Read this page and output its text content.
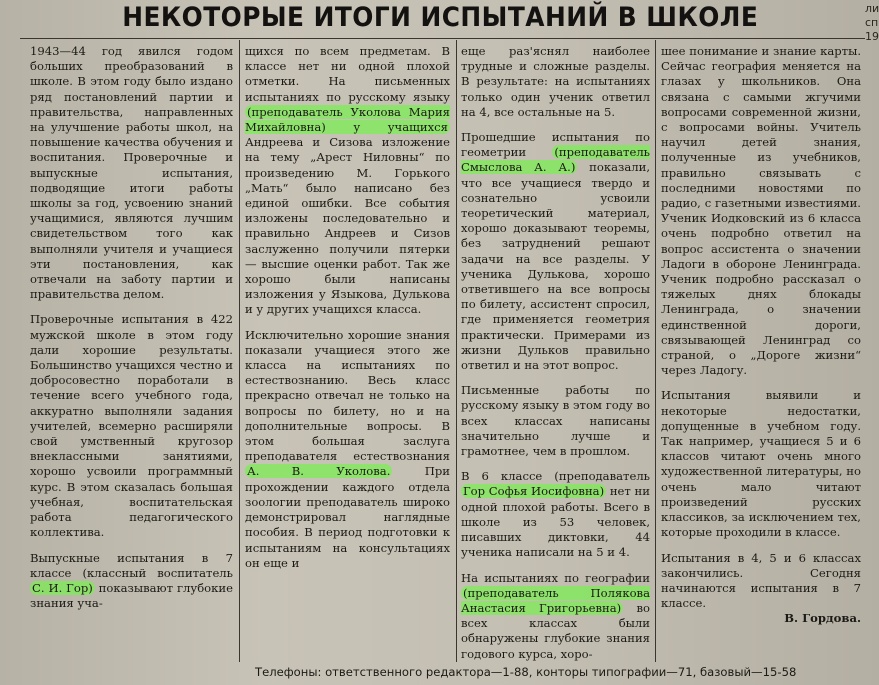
НЕКОТОРЫЕ ИТОГИ ИСПЫТАНИЙ В ШКОЛЕ	ли
сп
19

1943—44 год явился годом больших преобразований в школе. В этом году было издано ряд постановлений партии и правительства, направленных на улучшение работы школ, на повышение качества обучения и воспитания. Проверочные и выпускные испытания, подводящие итоги работы школы за год, усвоению знаний учащимися, являются лучшим свидетельством того как выполняли учителя и учащиеся эти постановления, как отвечали на заботу партии и правительства делом.

Проверочные испытания в 422 мужской школе в этом году дали хорошие результаты. Большинство учащихся честно и добросовестно поработали в течение всего учебного года, аккуратно выполняли задания учителей, всемерно расширяли свой умственный кругозор внеклассными занятиями, хорошо усвоили программный курс. В этом сказалась большая учебная, воспитательская работа педагогического коллектива.

Выпускные испытания в 7 классе (классный воспитатель С. И. Гор) показывают глубокие знания уча-

щихся по всем предметам. В классе нет ни одной плохой отметки. На письменных испытаниях по русскому языку (преподаватель Уколова Мария Михайловна) у учащихся Андреева и Сизова изложение на тему „Арест Ниловны“ по произведению М. Горького „Мать“ было написано без единой ошибки. Все события изложены последовательно и правильно Андреев и Сизов заслуженно получили пятерки — высшие оценки работ. Так же хорошо были написаны изложения у Языкова, Дулькова и у других учащихся класса.

Исключительно хорошие знания показали учащиеся этого же класса на испытаниях по естествознанию. Весь класс прекрасно отвечал не только на вопросы по билету, но и на дополнительные вопросы. В этом большая заслуга преподавателя естествознания А. В. Уколова.	При прохождении каждого отдела зоологии преподаватель широко демонстрировал наглядные пособия. В период подготовки к испытаниям на консультациях он еще и

еще раз'яснял наиболее трудные и сложные разделы. В результате: на испытаниях только один ученик ответил на 4, все остальные на 5.

Прошедшие испытания по геометрии (преподаватель Смыслова А. А.) показали, что все учащиеся твердо и сознательно усвоили теоретический материал, хорошо доказывают теоремы, без затруднений решают задачи на все разделы. У ученика Дулькова, хорошо ответившего на все вопросы по билету, ассистент спросил, где применяется геометрия практически. Примерами из жизни Дульков правильно ответил и на этот вопрос.

Письменные работы по русскому языку в этом году во всех классах написаны значительно лучше и грамотнее, чем в прошлом.

В 6 классе (преподаватель Гор Софья Иосифовна) нет ни одной плохой работы. Всего в школе из 53 человек, писавших диктовки, 44 ученика написали на 5 и 4.

На испытаниях по географии (преподаватель Полякова Анастасия Григорьевна) во всех классах были обнаружены глубокие знания годового курса, хоро-

шее понимание и знание карты. Сейчас география меняется на глазах у школьников. Она связана с самыми жгучими вопросами современной жизни, с вопросами войны. Учитель научил детей знания, полученные из учебников, правильно связывать с последними новостями по радио, с газетными известиями. Ученик Иодковский из 6 класса очень подробно ответил на вопрос ассистента о значении Ладоги в обороне Ленинграда. Ученик подробно рассказал о тяжелых днях блокады Ленинграда, о значении единственной дороги, связывающей Ленинград со страной, о „Дороге жизни“ через Ладогу.

Испытания выявили и некоторые недостатки, допущенные в учебном году. Так например, учащиеся 5 и 6 классов читают очень много художественной литературы, но очень мало читают произведений русских классиков, за исключением тех, которые проходили в классе.

Испытания в 4, 5 и 6 классах закончились. Сегодня начинаются испытания в 7 классе.

В. Гордова.

Телефоны: ответственного редактора—1-88, конторы типографии—71, базовый—15-58
